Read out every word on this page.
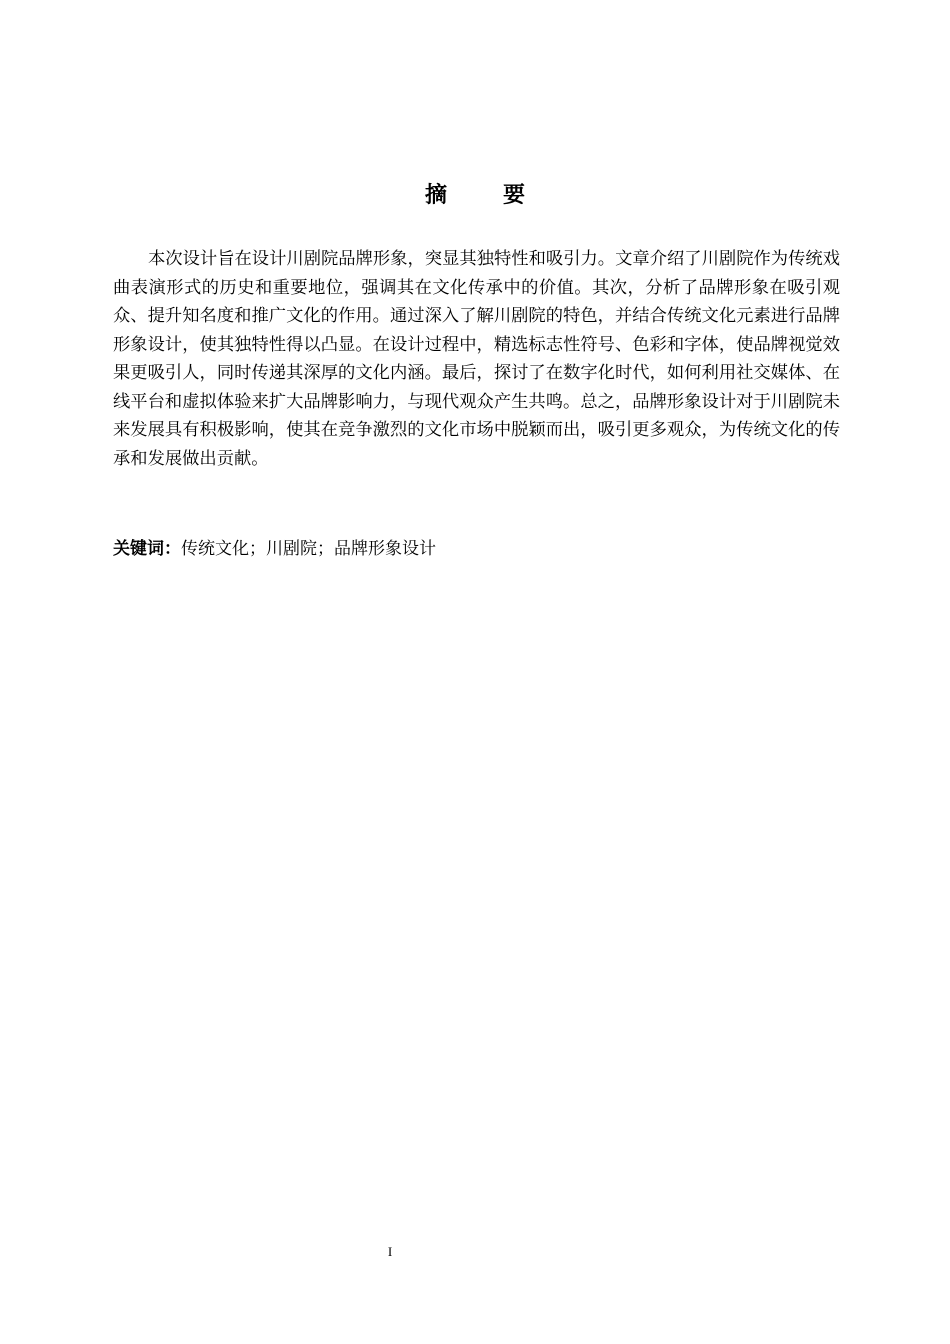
摘	要

本次设计旨在设计川剧院品牌形象，突显其独特性和吸引力。文章介绍了川剧院作为传统戏曲表演形式的历史和重要地位，强调其在文化传承中的价值。其次，分析了品牌形象在吸引观众、提升知名度和推广文化的作用。通过深入了解川剧院的特色，并结合传统文化元素进行品牌形象设计，使其独特性得以凸显。在设计过程中，精选标志性符号、色彩和字体，使品牌视觉效果更吸引人，同时传递其深厚的文化内涵。最后，探讨了在数字化时代，如何利用社交媒体、在线平台和虚拟体验来扩大品牌影响力，与现代观众产生共鸣。总之，品牌形象设计对于川剧院未来发展具有积极影响，使其在竞争激烈的文化市场中脱颖而出，吸引更多观众，为传统文化的传承和发展做出贡献。

关键词：传统文化；川剧院；品牌形象设计

I
